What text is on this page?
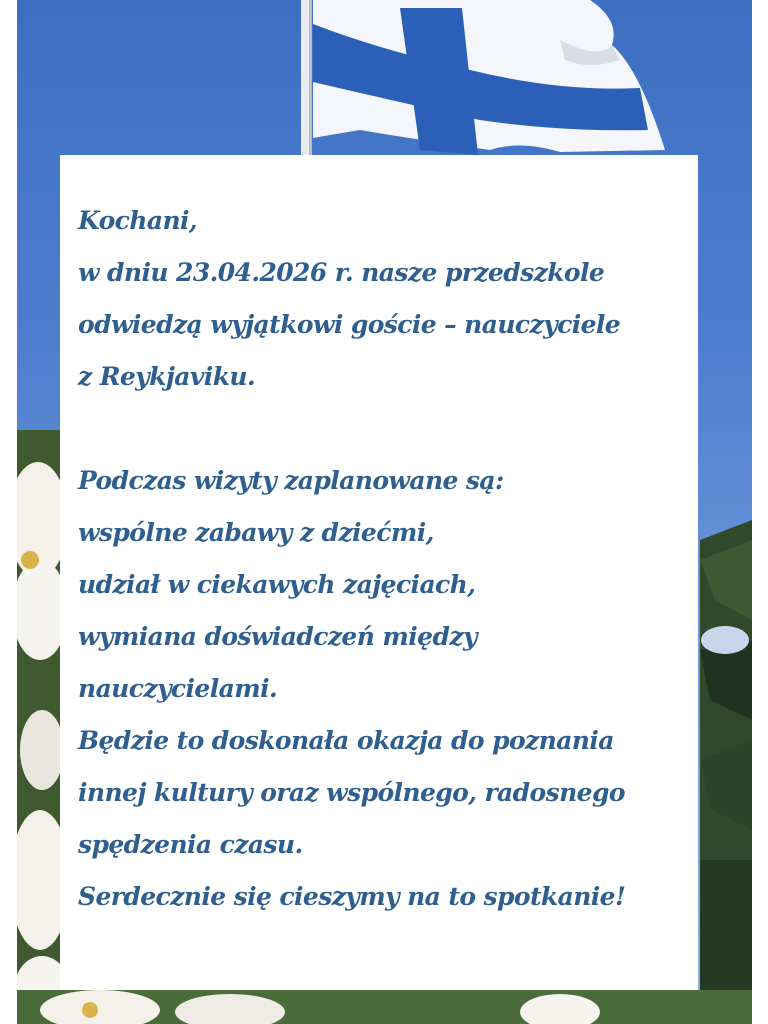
Kochani,
w dniu 23.04.2026 r. nasze przedszkole
odwiedzą wyjątkowi goście – nauczyciele
z Reykjaviku.
Podczas wizyty zaplanowane są:
wspólne zabawy z dziećmi,
udział w ciekawych zajęciach,
wymiana doświadczeń między
nauczycielami.
Będzie to doskonała okazja do poznania
innej kultury oraz wspólnego, radosnego
spędzenia czasu.
Serdecznie się cieszymy na to spotkanie!
